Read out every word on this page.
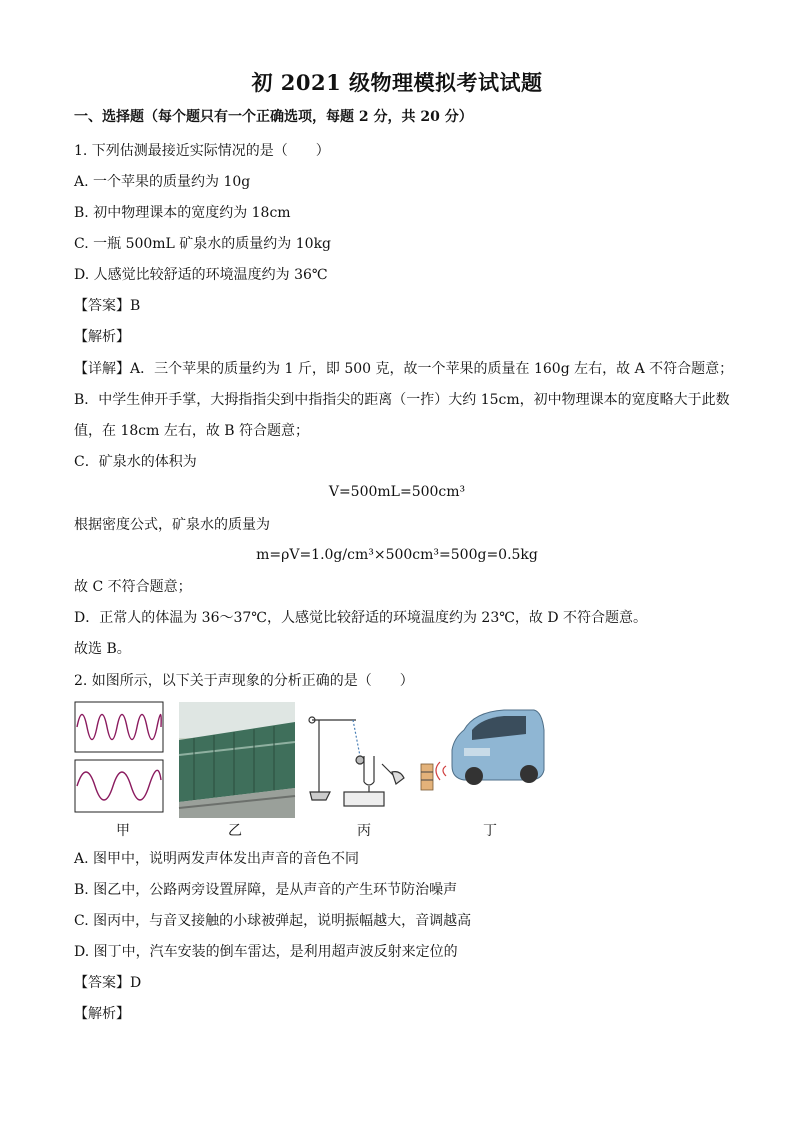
初 2021 级物理模拟考试试题
一、选择题（每个题只有一个正确选项，每题 2 分，共 20 分）
1. 下列估测最接近实际情况的是（　　）
A. 一个苹果的质量约为 10g
B. 初中物理课本的宽度约为 18cm
C. 一瓶 500mL 矿泉水的质量约为 10kg
D. 人感觉比较舒适的环境温度约为 36℃
【答案】B
【解析】
【详解】A．三个苹果的质量约为 1 斤，即 500 克，故一个苹果的质量在 160g 左右，故 A 不符合题意；
B．中学生伸开手掌，大拇指指尖到中指指尖的距离（一拃）大约 15cm，初中物理课本的宽度略大于此数
值，在 18cm 左右，故 B 符合题意；
C．矿泉水的体积为
V=500mL=500cm³
根据密度公式，矿泉水的质量为
m=ρV=1.0g/cm³×500cm³=500g=0.5kg
故 C 不符合题意；
D．正常人的体温为 36～37℃，人感觉比较舒适的环境温度约为 23℃，故 D 不符合题意。
故选 B。
2. 如图所示，以下关于声现象的分析正确的是（　　）
甲	乙	丙	丁
A. 图甲中，说明两发声体发出声音的音色不同
B. 图乙中，公路两旁设置屏障，是从声音的产生环节防治噪声
C. 图丙中，与音叉接触的小球被弹起，说明振幅越大，音调越高
D. 图丁中，汽车安装的倒车雷达，是利用超声波反射来定位的
【答案】D
【解析】
